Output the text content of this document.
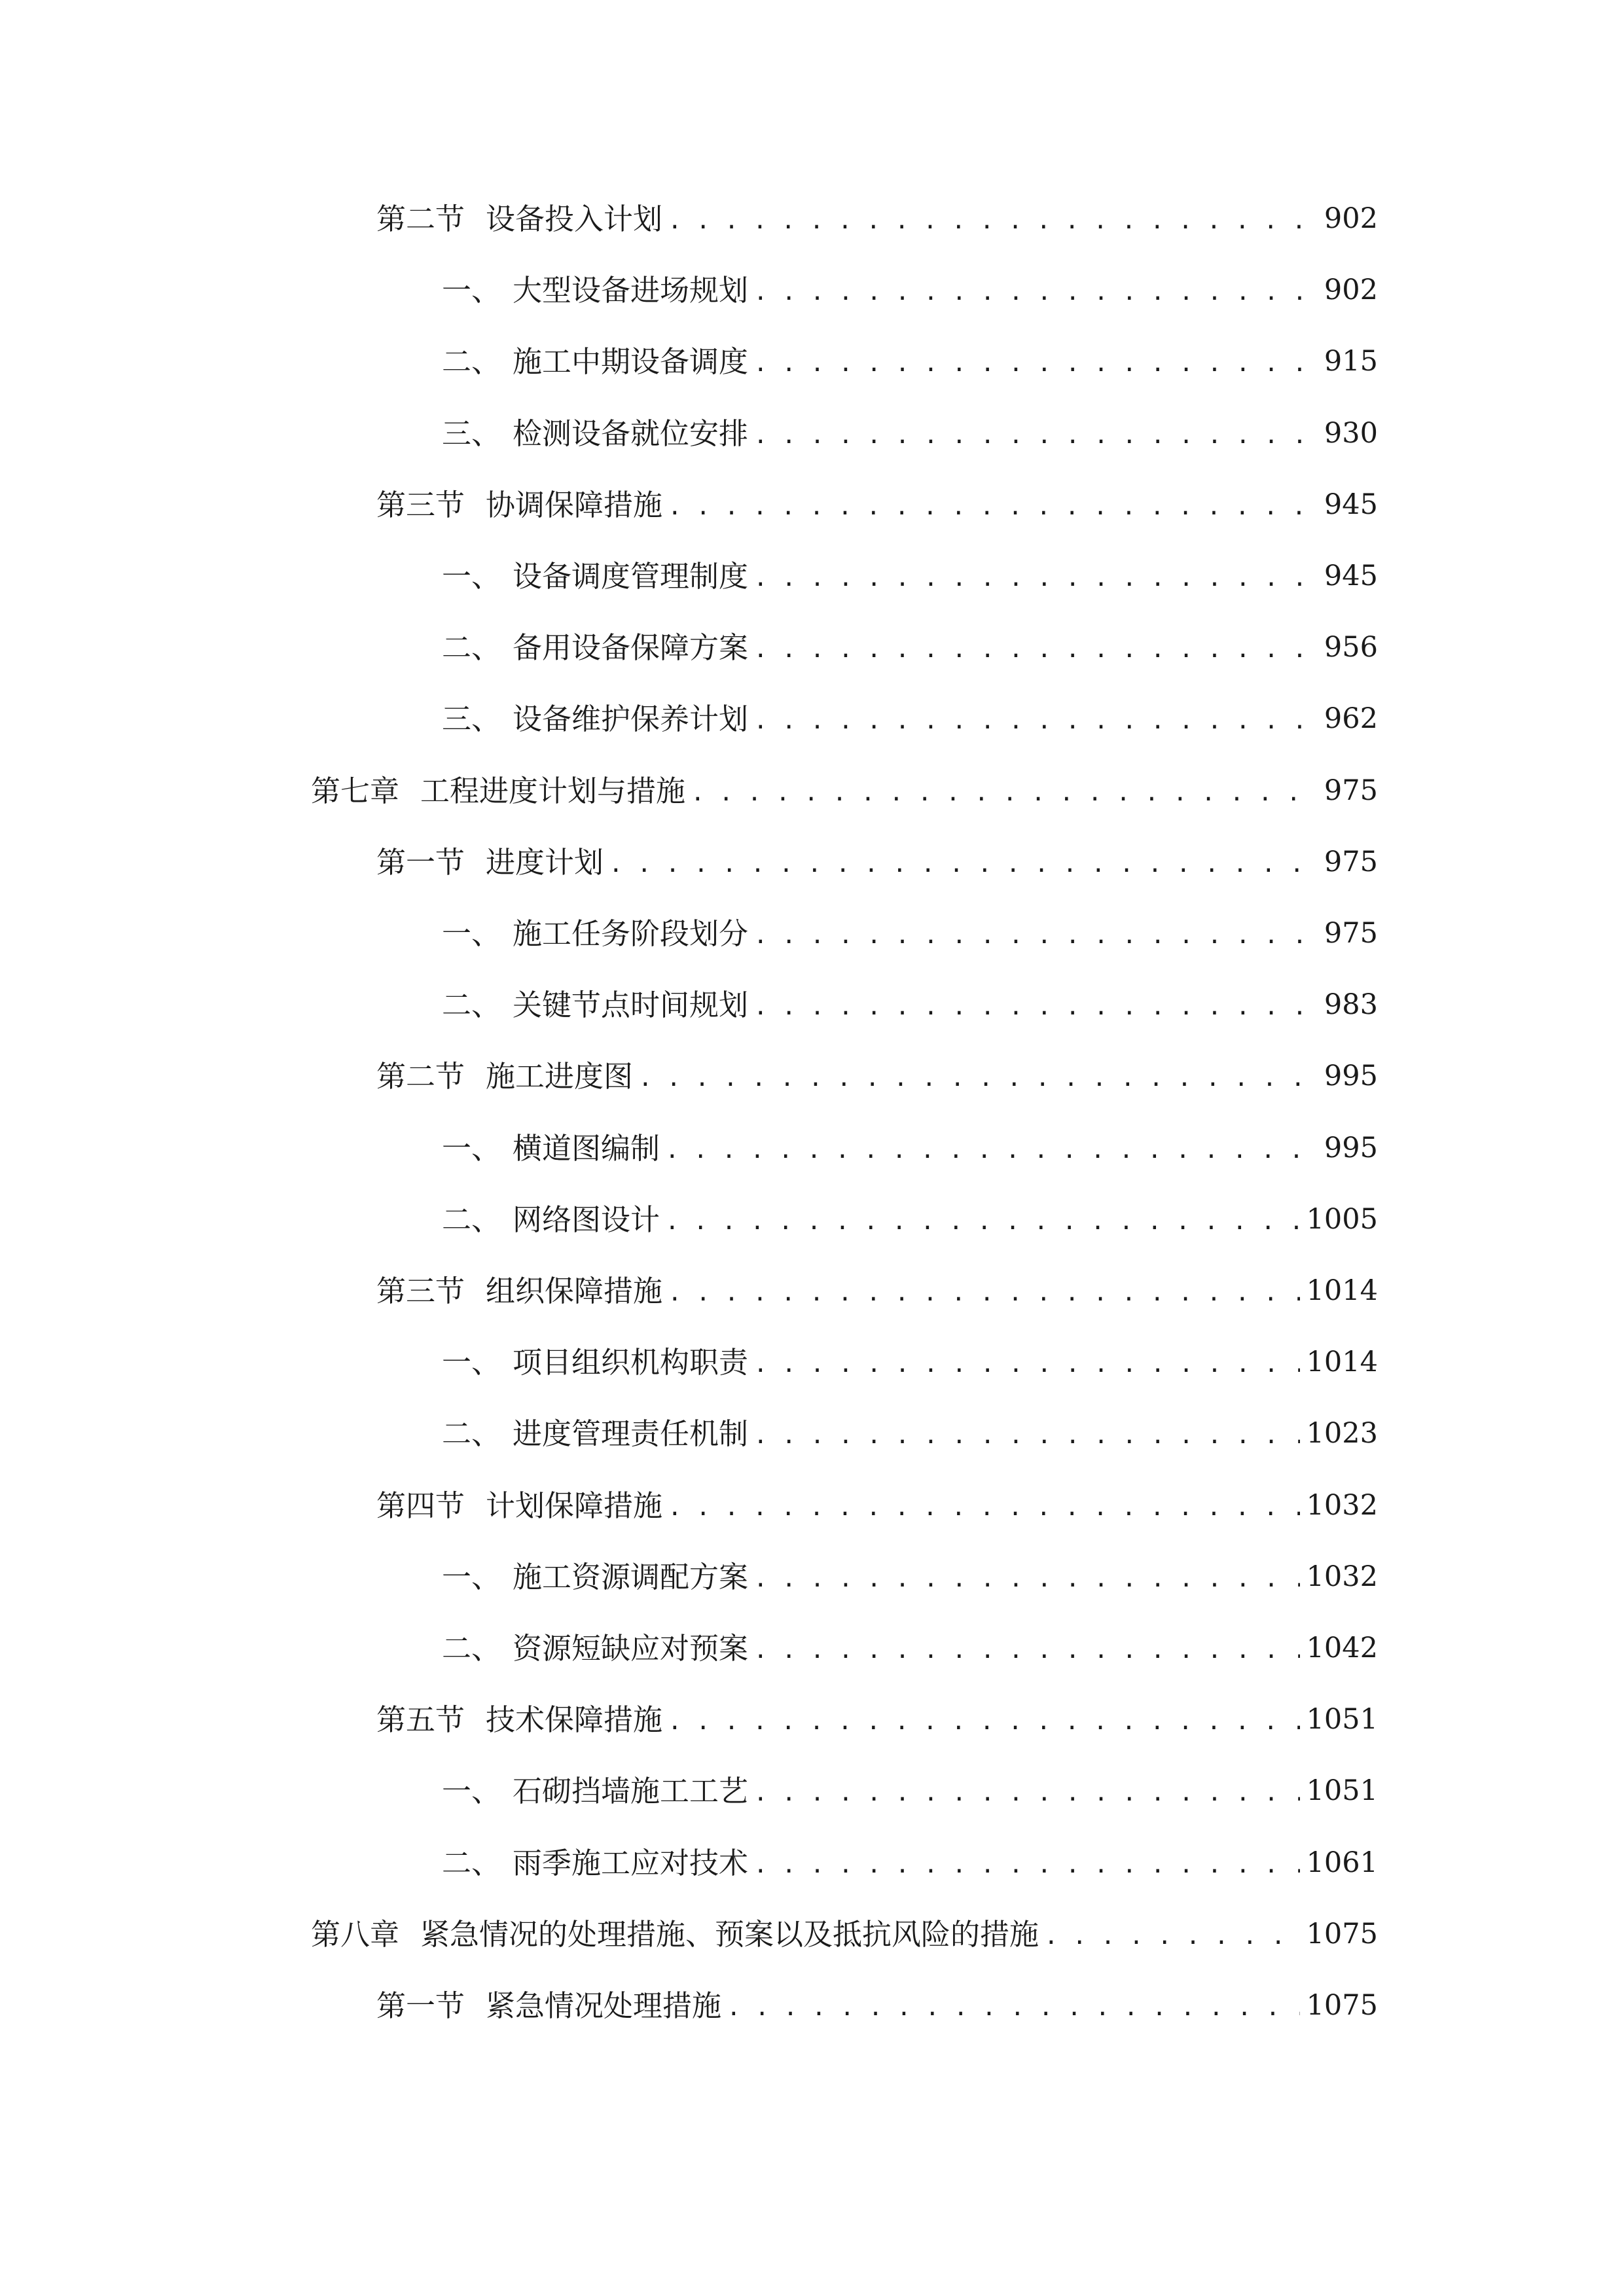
第二节 设备投入计划 . . .	902
一、 大型设备进场规划 . . .	902
二、 施工中期设备调度 . . .	915
三、 检测设备就位安排 . . .	930
第三节 协调保障措施 . . .	945
一、 设备调度管理制度 . . .	945
二、 备用设备保障方案 . . .	956
三、 设备维护保养计划 . . .	962
第七章 工程进度计划与措施 . . .	975
第一节 进度计划 . . .	975
一、 施工任务阶段划分 . . .	975
二、 关键节点时间规划 . . .	983
第二节 施工进度图 . . .	995
一、 横道图编制 . . .	995
二、 网络图设计 . . .	1005
第三节 组织保障措施 . . .	1014
一、 项目组织机构职责 . . .	1014
二、 进度管理责任机制 . . .	1023
第四节 计划保障措施 . . .	1032
一、 施工资源调配方案 . . .	1032
二、 资源短缺应对预案 . . .	1042
第五节 技术保障措施 . . .	1051
一、 石砌挡墙施工工艺 . . .	1051
二、 雨季施工应对技术 . . .	1061
第八章 紧急情况的处理措施、预案以及抵抗风险的措施 . . .	1075
第一节 紧急情况处理措施 . . .	1075
